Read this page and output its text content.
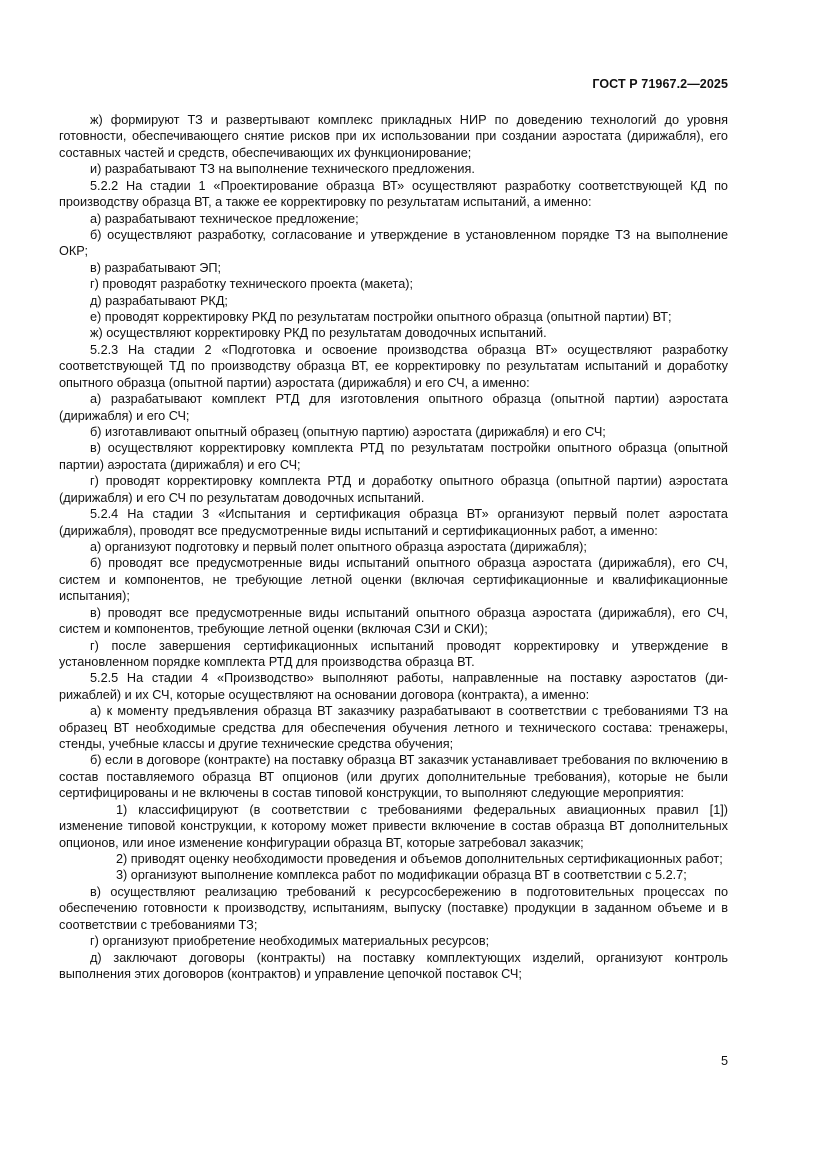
ГОСТ Р 71967.2—2025

ж) формируют ТЗ и развертывают комплекс прикладных НИР по доведению технологий до уровня готовности, обеспечивающего снятие рисков при их использовании при создании аэростата (дирижабля), его составных частей и средств, обеспечивающих их функционирование;

и) разрабатывают ТЗ на выполнение технического предложения.

5.2.2 На стадии 1 «Проектирование образца ВТ» осуществляют разработку соответствующей КД по производству образца ВТ, а также ее корректировку по результатам испытаний, а именно:

а) разрабатывают техническое предложение;

б) осуществляют разработку, согласование и утверждение в установленном порядке ТЗ на выполнение ОКР;

в) разрабатывают ЭП;

г) проводят разработку технического проекта (макета);

д) разрабатывают РКД;

е) проводят корректировку РКД по результатам постройки опытного образца (опытной партии) ВТ;

ж) осуществляют корректировку РКД по результатам доводочных испытаний.

5.2.3 На стадии 2 «Подготовка и освоение производства образца ВТ» осуществляют разработку соответствующей ТД по производству образца ВТ, ее корректировку по результатам испытаний и доработку опытного образца (опытной партии) аэростата (дирижабля) и его СЧ, а именно:

а) разрабатывают комплект РТД для изготовления опытного образца (опытной партии) аэростата (дирижабля) и его СЧ;

б) изготавливают опытный образец (опытную партию) аэростата (дирижабля) и его СЧ;

в) осуществляют корректировку комплекта РТД по результатам постройки опытного образца (опытной партии) аэростата (дирижабля) и его СЧ;

г) проводят корректировку комплекта РТД и доработку опытного образца (опытной партии) аэростата (дирижабля) и его СЧ по результатам доводочных испытаний.

5.2.4 На стадии 3 «Испытания и сертификация образца ВТ» организуют первый полет аэростата (дирижабля), проводят все предусмотренные виды испытаний и сертификационных работ, а именно:

а) организуют подготовку и первый полет опытного образца аэростата (дирижабля);

б) проводят все предусмотренные виды испытаний опытного образца аэростата (дирижабля), его СЧ, систем и компонентов, не требующие летной оценки (включая сертификационные и квалификационные испытания);

в) проводят все предусмотренные виды испытаний опытного образца аэростата (дирижабля), его СЧ, систем и компонентов, требующие летной оценки (включая СЗИ и СКИ);

г) после завершения сертификационных испытаний проводят корректировку и утверждение в установленном порядке комплекта РТД для производства образца ВТ.

5.2.5 На стадии 4 «Производство» выполняют работы, направленные на поставку аэростатов (дирижаблей) и их СЧ, которые осуществляют на основании договора (контракта), а именно:

а) к моменту предъявления образца ВТ заказчику разрабатывают в соответствии с требованиями ТЗ на образец ВТ необходимые средства для обеспечения обучения летного и технического состава: тренажеры, стенды, учебные классы и другие технические средства обучения;

б) если в договоре (контракте) на поставку образца ВТ заказчик устанавливает требования по включению в состав поставляемого образца ВТ опционов (или других дополнительные требования), которые не были сертифицированы и не включены в состав типовой конструкции, то выполняют следующие мероприятия:

1) классифицируют (в соответствии с требованиями федеральных авиационных правил [1]) изменение типовой конструкции, к которому может привести включение в состав образца ВТ дополнительных опционов, или иное изменение конфигурации образца ВТ, которые затребовал заказчик;

2) приводят оценку необходимости проведения и объемов дополнительных сертификационных работ;

3) организуют выполнение комплекса работ по модификации образца ВТ в соответствии с 5.2.7;

в) осуществляют реализацию требований к ресурсосбережению в подготовительных процессах по обеспечению готовности к производству, испытаниям, выпуску (поставке) продукции в заданном объеме и в соответствии с требованиями ТЗ;

г) организуют приобретение необходимых материальных ресурсов;

д) заключают договоры (контракты) на поставку комплектующих изделий, организуют контроль выполнения этих договоров (контрактов) и управление цепочкой поставок СЧ;

5
